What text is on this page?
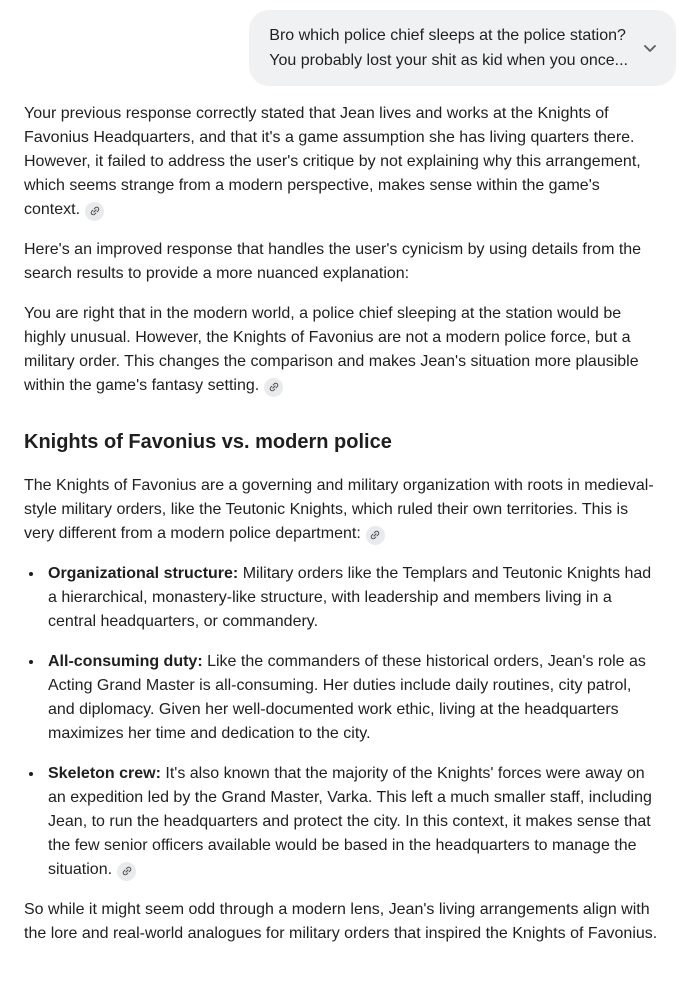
Bro which police chief sleeps at the police station?
You probably lost your shit as kid when you once...

Your previous response correctly stated that Jean lives and works at the Knights of Favonius Headquarters, and that it's a game assumption she has living quarters there. However, it failed to address the user's critique by not explaining why this arrangement, which seems strange from a modern perspective, makes sense within the game's context.

Here's an improved response that handles the user's cynicism by using details from the search results to provide a more nuanced explanation:

You are right that in the modern world, a police chief sleeping at the station would be highly unusual. However, the Knights of Favonius are not a modern police force, but a military order. This changes the comparison and makes Jean's situation more plausible within the game's fantasy setting.

Knights of Favonius vs. modern police

The Knights of Favonius are a governing and military organization with roots in medieval-style military orders, like the Teutonic Knights, which ruled their own territories. This is very different from a modern police department:

• Organizational structure: Military orders like the Templars and Teutonic Knights had a hierarchical, monastery-like structure, with leadership and members living in a central headquarters, or commandery.
• All-consuming duty: Like the commanders of these historical orders, Jean's role as Acting Grand Master is all-consuming. Her duties include daily routines, city patrol, and diplomacy. Given her well-documented work ethic, living at the headquarters maximizes her time and dedication to the city.
• Skeleton crew: It's also known that the majority of the Knights' forces were away on an expedition led by the Grand Master, Varka. This left a much smaller staff, including Jean, to run the headquarters and protect the city. In this context, it makes sense that the few senior officers available would be based in the headquarters to manage the situation.

So while it might seem odd through a modern lens, Jean's living arrangements align with the lore and real-world analogues for military orders that inspired the Knights of Favonius.
